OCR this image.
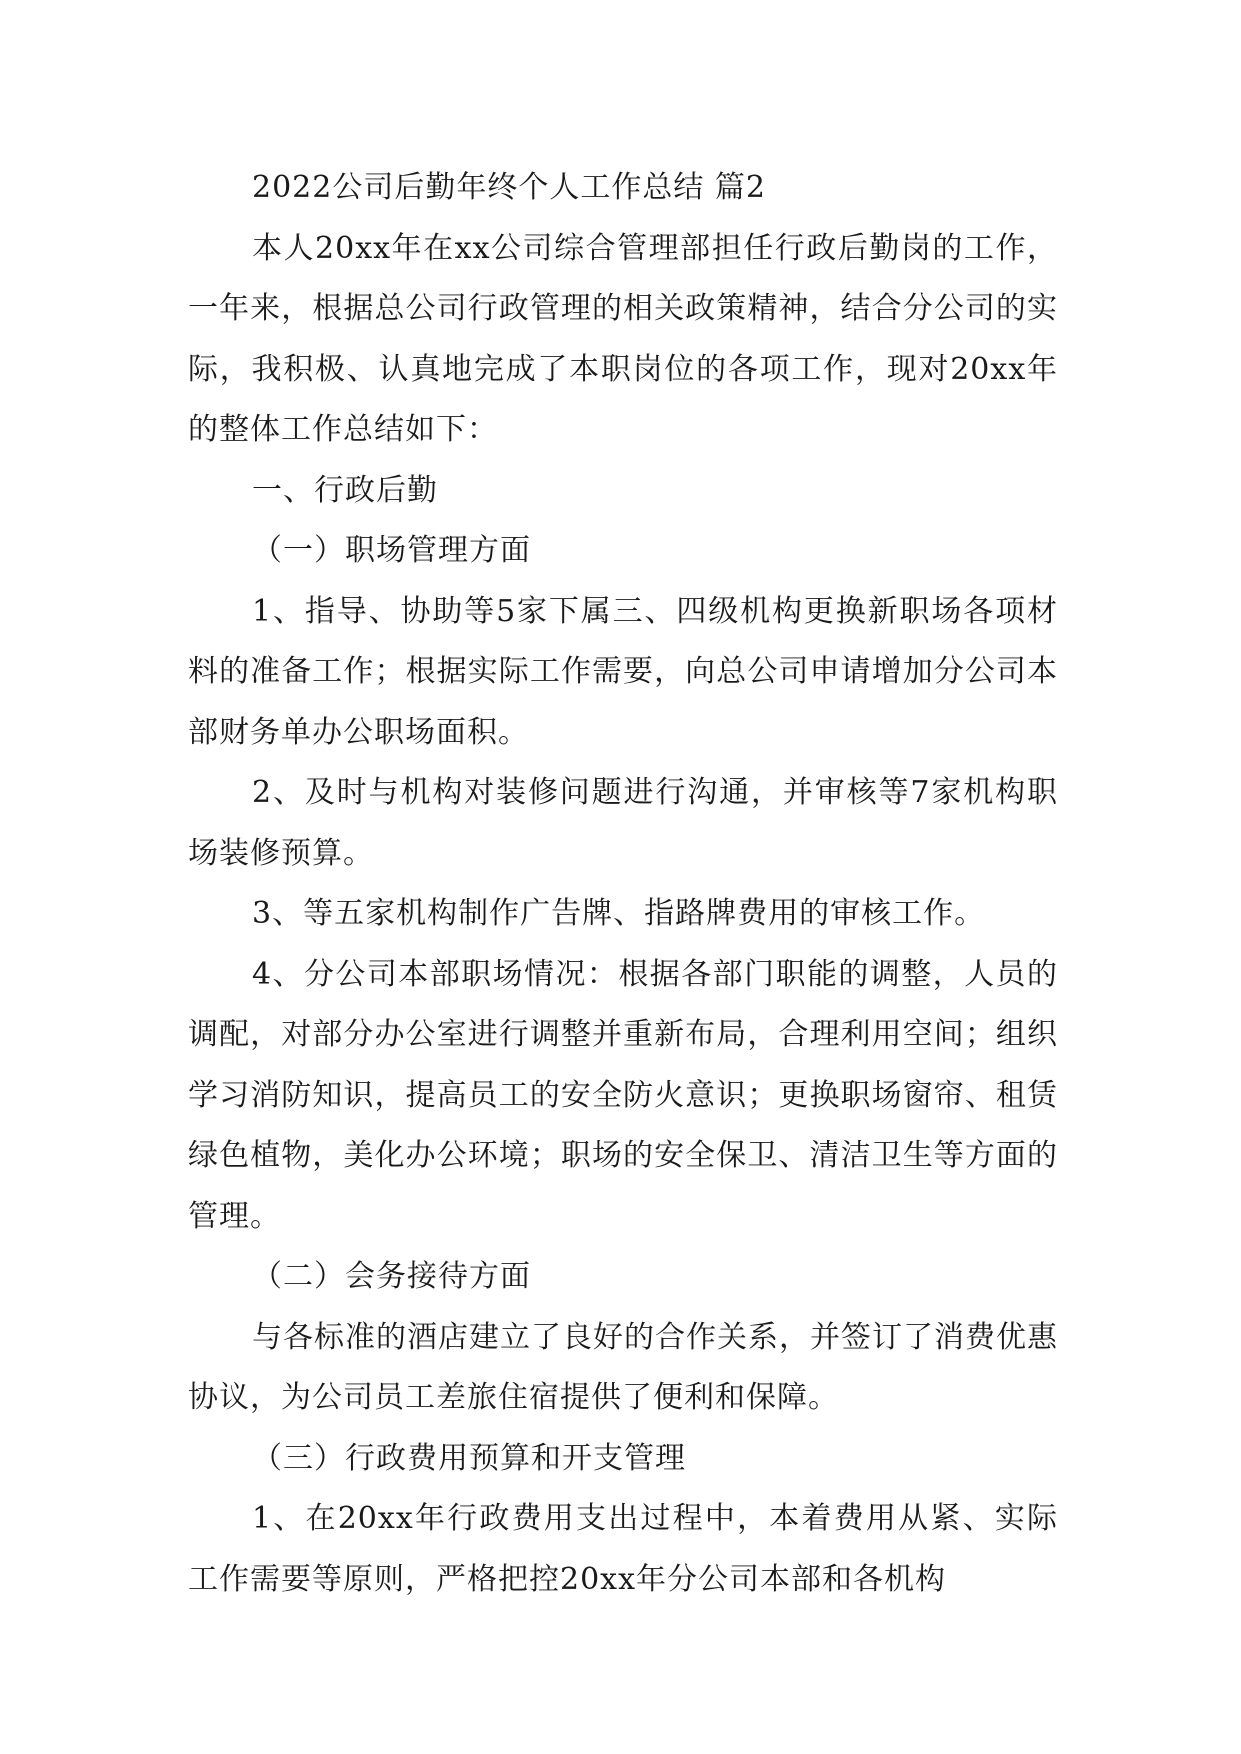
2022公司后勤年终个人工作总结 篇2

本人20xx年在xx公司综合管理部担任行政后勤岗的工作，一年来，根据总公司行政管理的相关政策精神，结合分公司的实际，我积极、认真地完成了本职岗位的各项工作，现对20xx年的整体工作总结如下：

一、行政后勤

（一）职场管理方面

1、指导、协助等5家下属三、四级机构更换新职场各项材料的准备工作；根据实际工作需要，向总公司申请增加分公司本部财务单办公职场面积。

2、及时与机构对装修问题进行沟通，并审核等7家机构职场装修预算。

3、等五家机构制作广告牌、指路牌费用的审核工作。

4、分公司本部职场情况：根据各部门职能的调整，人员的调配，对部分办公室进行调整并重新布局，合理利用空间；组织学习消防知识，提高员工的安全防火意识；更换职场窗帘、租赁绿色植物，美化办公环境；职场的安全保卫、清洁卫生等方面的管理。

（二）会务接待方面

与各标准的酒店建立了良好的合作关系，并签订了消费优惠协议，为公司员工差旅住宿提供了便利和保障。

（三）行政费用预算和开支管理

1、在20xx年行政费用支出过程中，本着费用从紧、实际工作需要等原则，严格把控20xx年分公司本部和各机构
